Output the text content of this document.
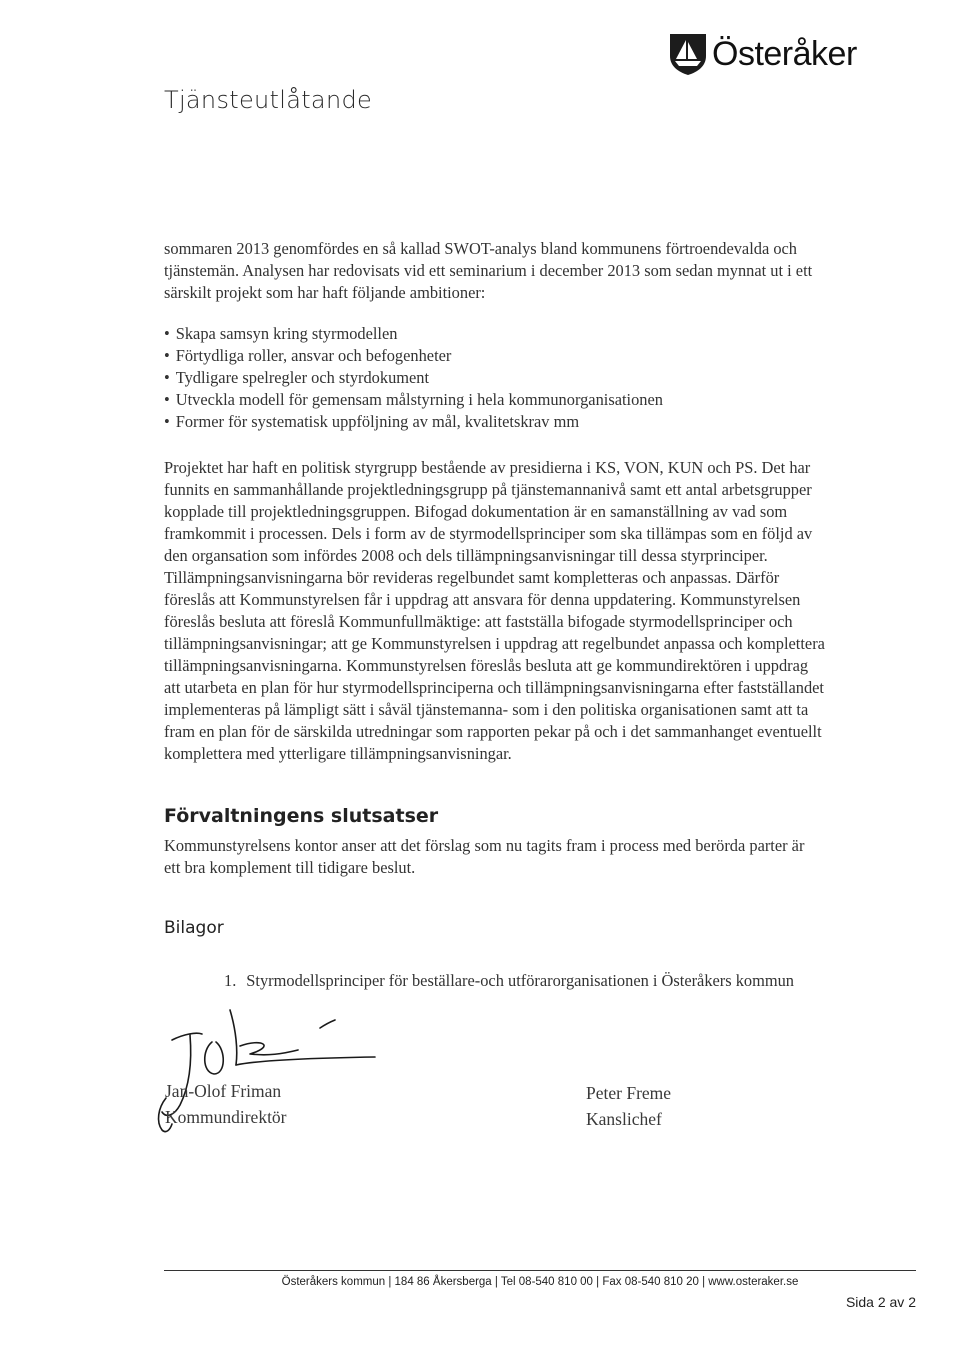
Österåker
Tjänsteutlåtande
sommaren 2013 genomfördes en så kallad SWOT-analys bland kommunens förtroendevalda och
tjänstemän. Analysen har redovisats vid ett seminarium i december 2013 som sedan mynnat ut i ett
särskilt projekt som har haft följande ambitioner:
• Skapa samsyn kring styrmodellen
• Förtydliga roller, ansvar och befogenheter
• Tydligare spelregler och styrdokument
• Utveckla modell för gemensam målstyrning i hela kommunorganisationen
• Former för systematisk uppföljning av mål, kvalitetskrav mm
Projektet har haft en politisk styrgrupp bestående av presidierna i KS, VON, KUN och PS. Det har
funnits en sammanhållande projektledningsgrupp på tjänstemannanivå samt ett antal arbetsgrupper
kopplade till projektledningsgruppen. Bifogad dokumentation är en samanställning av vad som
framkommit i processen. Dels i form av de styrmodellsprinciper som ska tillämpas som en följd av
den organsation som infördes 2008 och dels tillämpningsanvisningar till dessa styrprinciper.
Tillämpningsanvisningarna bör revideras regelbundet samt kompletteras och anpassas. Därför
föreslås att Kommunstyrelsen får i uppdrag att ansvara för denna uppdatering. Kommunstyrelsen
föreslås besluta att föreslå Kommunfullmäktige: att fastställa bifogade styrmodellsprinciper och
tillämpningsanvisningar; att ge Kommunstyrelsen i uppdrag att regelbundet anpassa och komplettera
tillämpningsanvisningarna. Kommunstyrelsen föreslås besluta att ge kommundirektören i uppdrag
att utarbeta en plan för hur styrmodellsprinciperna och tillämpningsanvisningarna efter fastställandet
implementeras på lämpligt sätt i såväl tjänstemanna- som i den politiska organisationen samt att ta
fram en plan för de särskilda utredningar som rapporten pekar på och i det sammanhanget eventuellt
komplettera med ytterligare tillämpningsanvisningar.
Förvaltningens slutsatser
Kommunstyrelsens kontor anser att det förslag som nu tagits fram i process med berörda parter är
ett bra komplement till tidigare beslut.
Bilagor
1. Styrmodellsprinciper för beställare-och utförarorganisationen i Österåkers kommun
Jan-Olof Friman
Kommundirektör
Peter Freme
Kanslichef
Österåkers kommun | 184 86 Åkersberga | Tel 08-540 810 00 | Fax 08-540 810 20 | www.osteraker.se
Sida 2 av 2
